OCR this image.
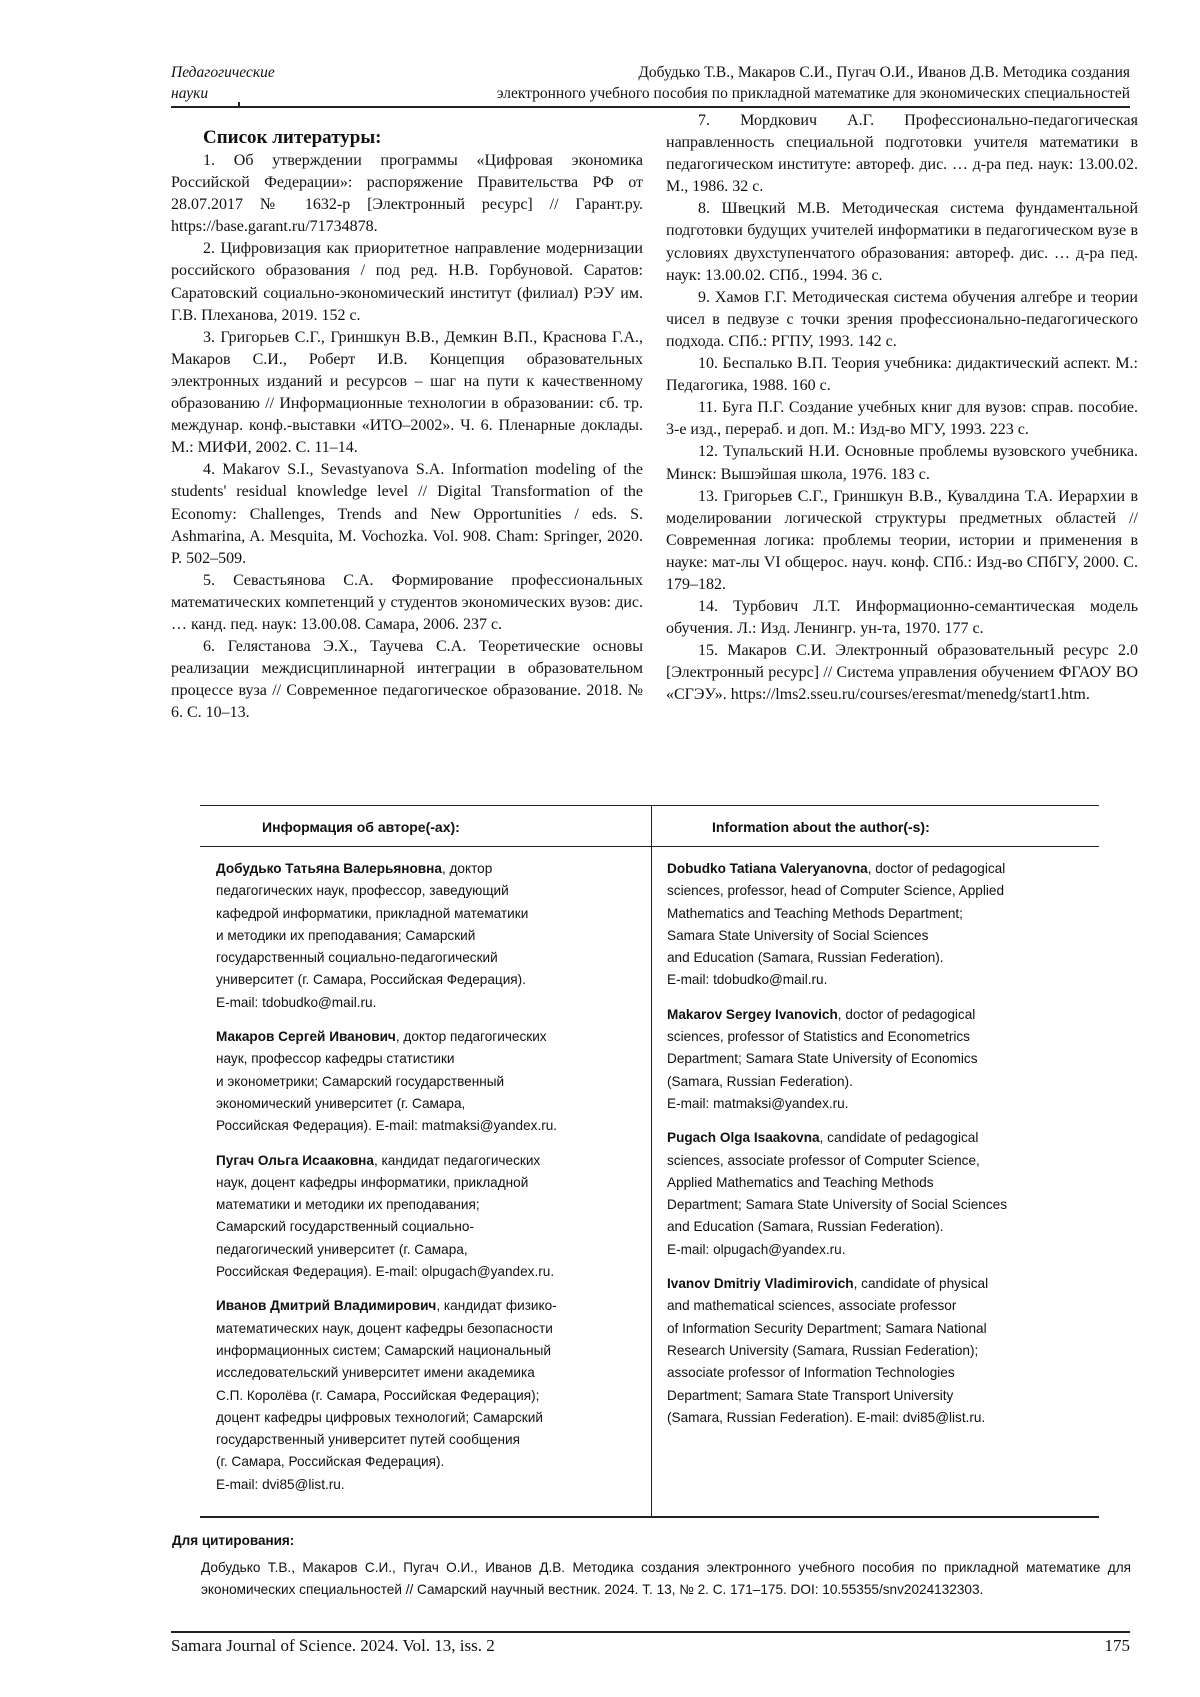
Педагогические
науки
Добудько Т.В., Макаров С.И., Пугач О.И., Иванов Д.В. Методика создания
электронного учебного пособия по прикладной математике для экономических специальностей
Список литературы:

1. Об утверждении программы «Цифровая экономика Российской Федерации»: распоряжение Правительства РФ от 28.07.2017 № 1632-р [Электронный ресурс] // Гарант.ру. https://base.garant.ru/71734878.

2. Цифровизация как приоритетное направление модернизации российского образования / под ред. Н.В. Горбуновой. Саратов: Саратовский социально-экономический институт (филиал) РЭУ им. Г.В. Плеханова, 2019. 152 с.

3. Григорьев С.Г., Гриншкун В.В., Демкин В.П., Краснова Г.А., Макаров С.И., Роберт И.В. Концепция образовательных электронных изданий и ресурсов – шаг на пути к качественному образованию // Информационные технологии в образовании: сб. тр. междунар. конф.-выставки «ИТО–2002». Ч. 6. Пленарные доклады. М.: МИФИ, 2002. С. 11–14.

4. Makarov S.I., Sevastyanova S.A. Information modeling of the students' residual knowledge level // Digital Transformation of the Economy: Challenges, Trends and New Opportunities / eds. S. Ashmarina, A. Mesquita, M. Vochozka. Vol. 908. Cham: Springer, 2020. P. 502–509.

5. Севастьянова С.А. Формирование профессиональных математических компетенций у студентов экономических вузов: дис. … канд. пед. наук: 13.00.08. Самара, 2006. 237 с.

6. Гелястанова Э.Х., Таучева С.А. Теоретические основы реализации междисциплинарной интеграции в образовательном процессе вуза // Современное педагогическое образование. 2018. № 6. С. 10–13.

7. Мордкович А.Г. Профессионально-педагогическая направленность специальной подготовки учителя математики в педагогическом институте: автореф. дис. … д-ра пед. наук: 13.00.02. М., 1986. 32 с.

8. Швецкий М.В. Методическая система фундаментальной подготовки будущих учителей информатики в педагогическом вузе в условиях двухступенчатого образования: автореф. дис. … д-ра пед. наук: 13.00.02. СПб., 1994. 36 с.

9. Хамов Г.Г. Методическая система обучения алгебре и теории чисел в педвузе с точки зрения профессионально-педагогического подхода. СПб.: РГПУ, 1993. 142 с.

10. Беспалько В.П. Теория учебника: дидактический аспект. М.: Педагогика, 1988. 160 с.

11. Буга П.Г. Создание учебных книг для вузов: справ. пособие. 3-е изд., перераб. и доп. М.: Изд-во МГУ, 1993. 223 с.

12. Тупальский Н.И. Основные проблемы вузовского учебника. Минск: Вышэйшая школа, 1976. 183 с.

13. Григорьев С.Г., Гриншкун В.В., Кувалдина Т.А. Иерархии в моделировании логической структуры предметных областей // Современная логика: проблемы теории, истории и применения в науке: мат-лы VI общерос. науч. конф. СПб.: Изд-во СПбГУ, 2000. С. 179–182.

14. Турбович Л.Т. Информационно-семантическая модель обучения. Л.: Изд. Ленингр. ун-та, 1970. 177 с.

15. Макаров С.И. Электронный образовательный ресурс 2.0 [Электронный ресурс] // Система управления обучением ФГАОУ ВО «СГЭУ». https://lms2.sseu.ru/courses/eresmat/menedg/start1.htm.

Информация об авторе(-ах):	Information about the author(-s):
Добудько Татьяна Валерьяновна, доктор
педагогических наук, профессор, заведующий
кафедрой информатики, прикладной математики
и методики их преподавания; Самарский
государственный социально-педагогический
университет (г. Самара, Российская Федерация).
E-mail: tdobudko@mail.ru.
Макаров Сергей Иванович, доктор педагогических
наук, профессор кафедры статистики
и эконометрики; Самарский государственный
экономический университет (г. Самара,
Российская Федерация). E-mail: matmaksi@yandex.ru.
Пугач Ольга Исааковна, кандидат педагогических
наук, доцент кафедры информатики, прикладной
математики и методики их преподавания;
Самарский государственный социально-
педагогический университет (г. Самара,
Российская Федерация). E-mail: olpugach@yandex.ru.
Иванов Дмитрий Владимирович, кандидат физико-
математических наук, доцент кафедры безопасности
информационных систем; Самарский национальный
исследовательский университет имени академика
С.П. Королёва (г. Самара, Российская Федерация);
доцент кафедры цифровых технологий; Самарский
государственный университет путей сообщения
(г. Самара, Российская Федерация).
E-mail: dvi85@list.ru.
Dobudko Tatiana Valeryanovna, doctor of pedagogical
sciences, professor, head of Computer Science, Applied
Mathematics and Teaching Methods Department;
Samara State University of Social Sciences
and Education (Samara, Russian Federation).
E-mail: tdobudko@mail.ru.
Makarov Sergey Ivanovich, doctor of pedagogical
sciences, professor of Statistics and Econometrics
Department; Samara State University of Economics
(Samara, Russian Federation).
E-mail: matmaksi@yandex.ru.
Pugach Olga Isaakovna, candidate of pedagogical
sciences, associate professor of Computer Science,
Applied Mathematics and Teaching Methods
Department; Samara State University of Social Sciences
and Education (Samara, Russian Federation).
E-mail: olpugach@yandex.ru.
Ivanov Dmitriy Vladimirovich, candidate of physical
and mathematical sciences, associate professor
of Information Security Department; Samara National
Research University (Samara, Russian Federation);
associate professor of Information Technologies
Department; Samara State Transport University
(Samara, Russian Federation). E-mail: dvi85@list.ru.
Для цитирования:
Добудько Т.В., Макаров С.И., Пугач О.И., Иванов Д.В. Методика создания электронного учебного пособия по прикладной математике для экономических специальностей // Самарский научный вестник. 2024. Т. 13, № 2. С. 171–175. DOI: 10.55355/snv2024132303.
Samara Journal of Science. 2024. Vol. 13, iss. 2	175
